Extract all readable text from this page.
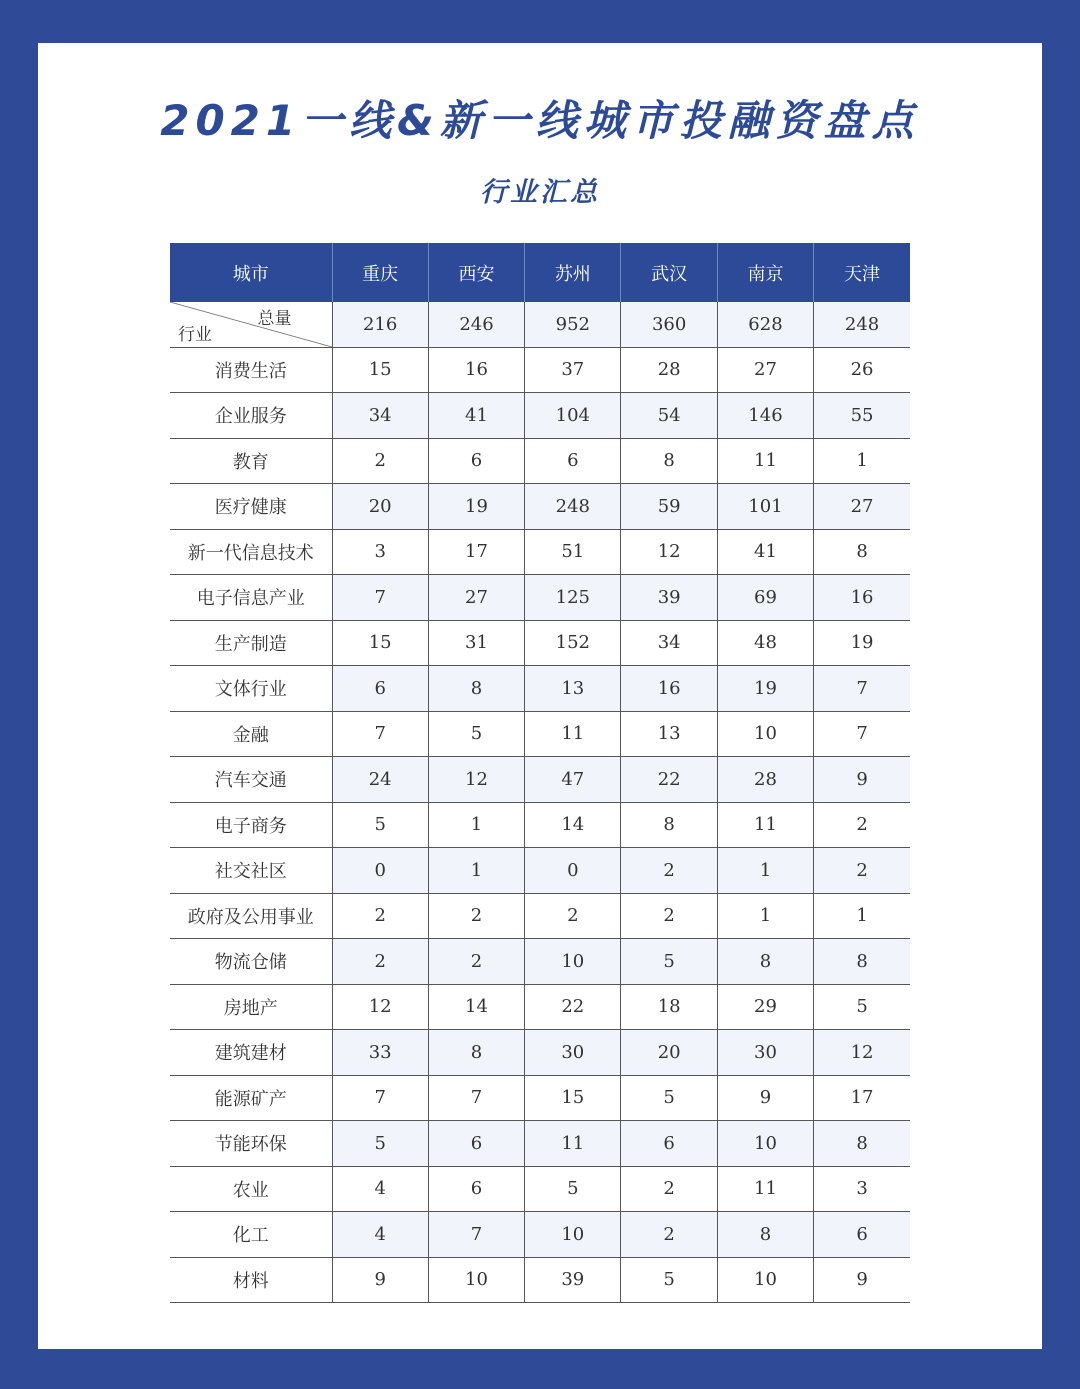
2021一线&新一线城市投融资盘点
行业汇总
城市	重庆	西安	苏州	武汉	南京	天津

总量
行业	216	246	952	360	628	248
消费生活	15	16	37	28	27	26
企业服务	34	41	104	54	146	55
教育	2	6	6	8	11	1
医疗健康	20	19	248	59	101	27
新一代信息技术	3	17	51	12	41	8
电子信息产业	7	27	125	39	69	16
生产制造	15	31	152	34	48	19
文体行业	6	8	13	16	19	7
金融	7	5	11	13	10	7
汽车交通	24	12	47	22	28	9
电子商务	5	1	14	8	11	2
社交社区	0	1	0	2	1	2
政府及公用事业	2	2	2	2	1	1
物流仓储	2	2	10	5	8	8
房地产	12	14	22	18	29	5
建筑建材	33	8	30	20	30	12
能源矿产	7	7	15	5	9	17
节能环保	5	6	11	6	10	8
农业	4	6	5	2	11	3
化工	4	7	10	2	8	6
材料	9	10	39	5	10	9
